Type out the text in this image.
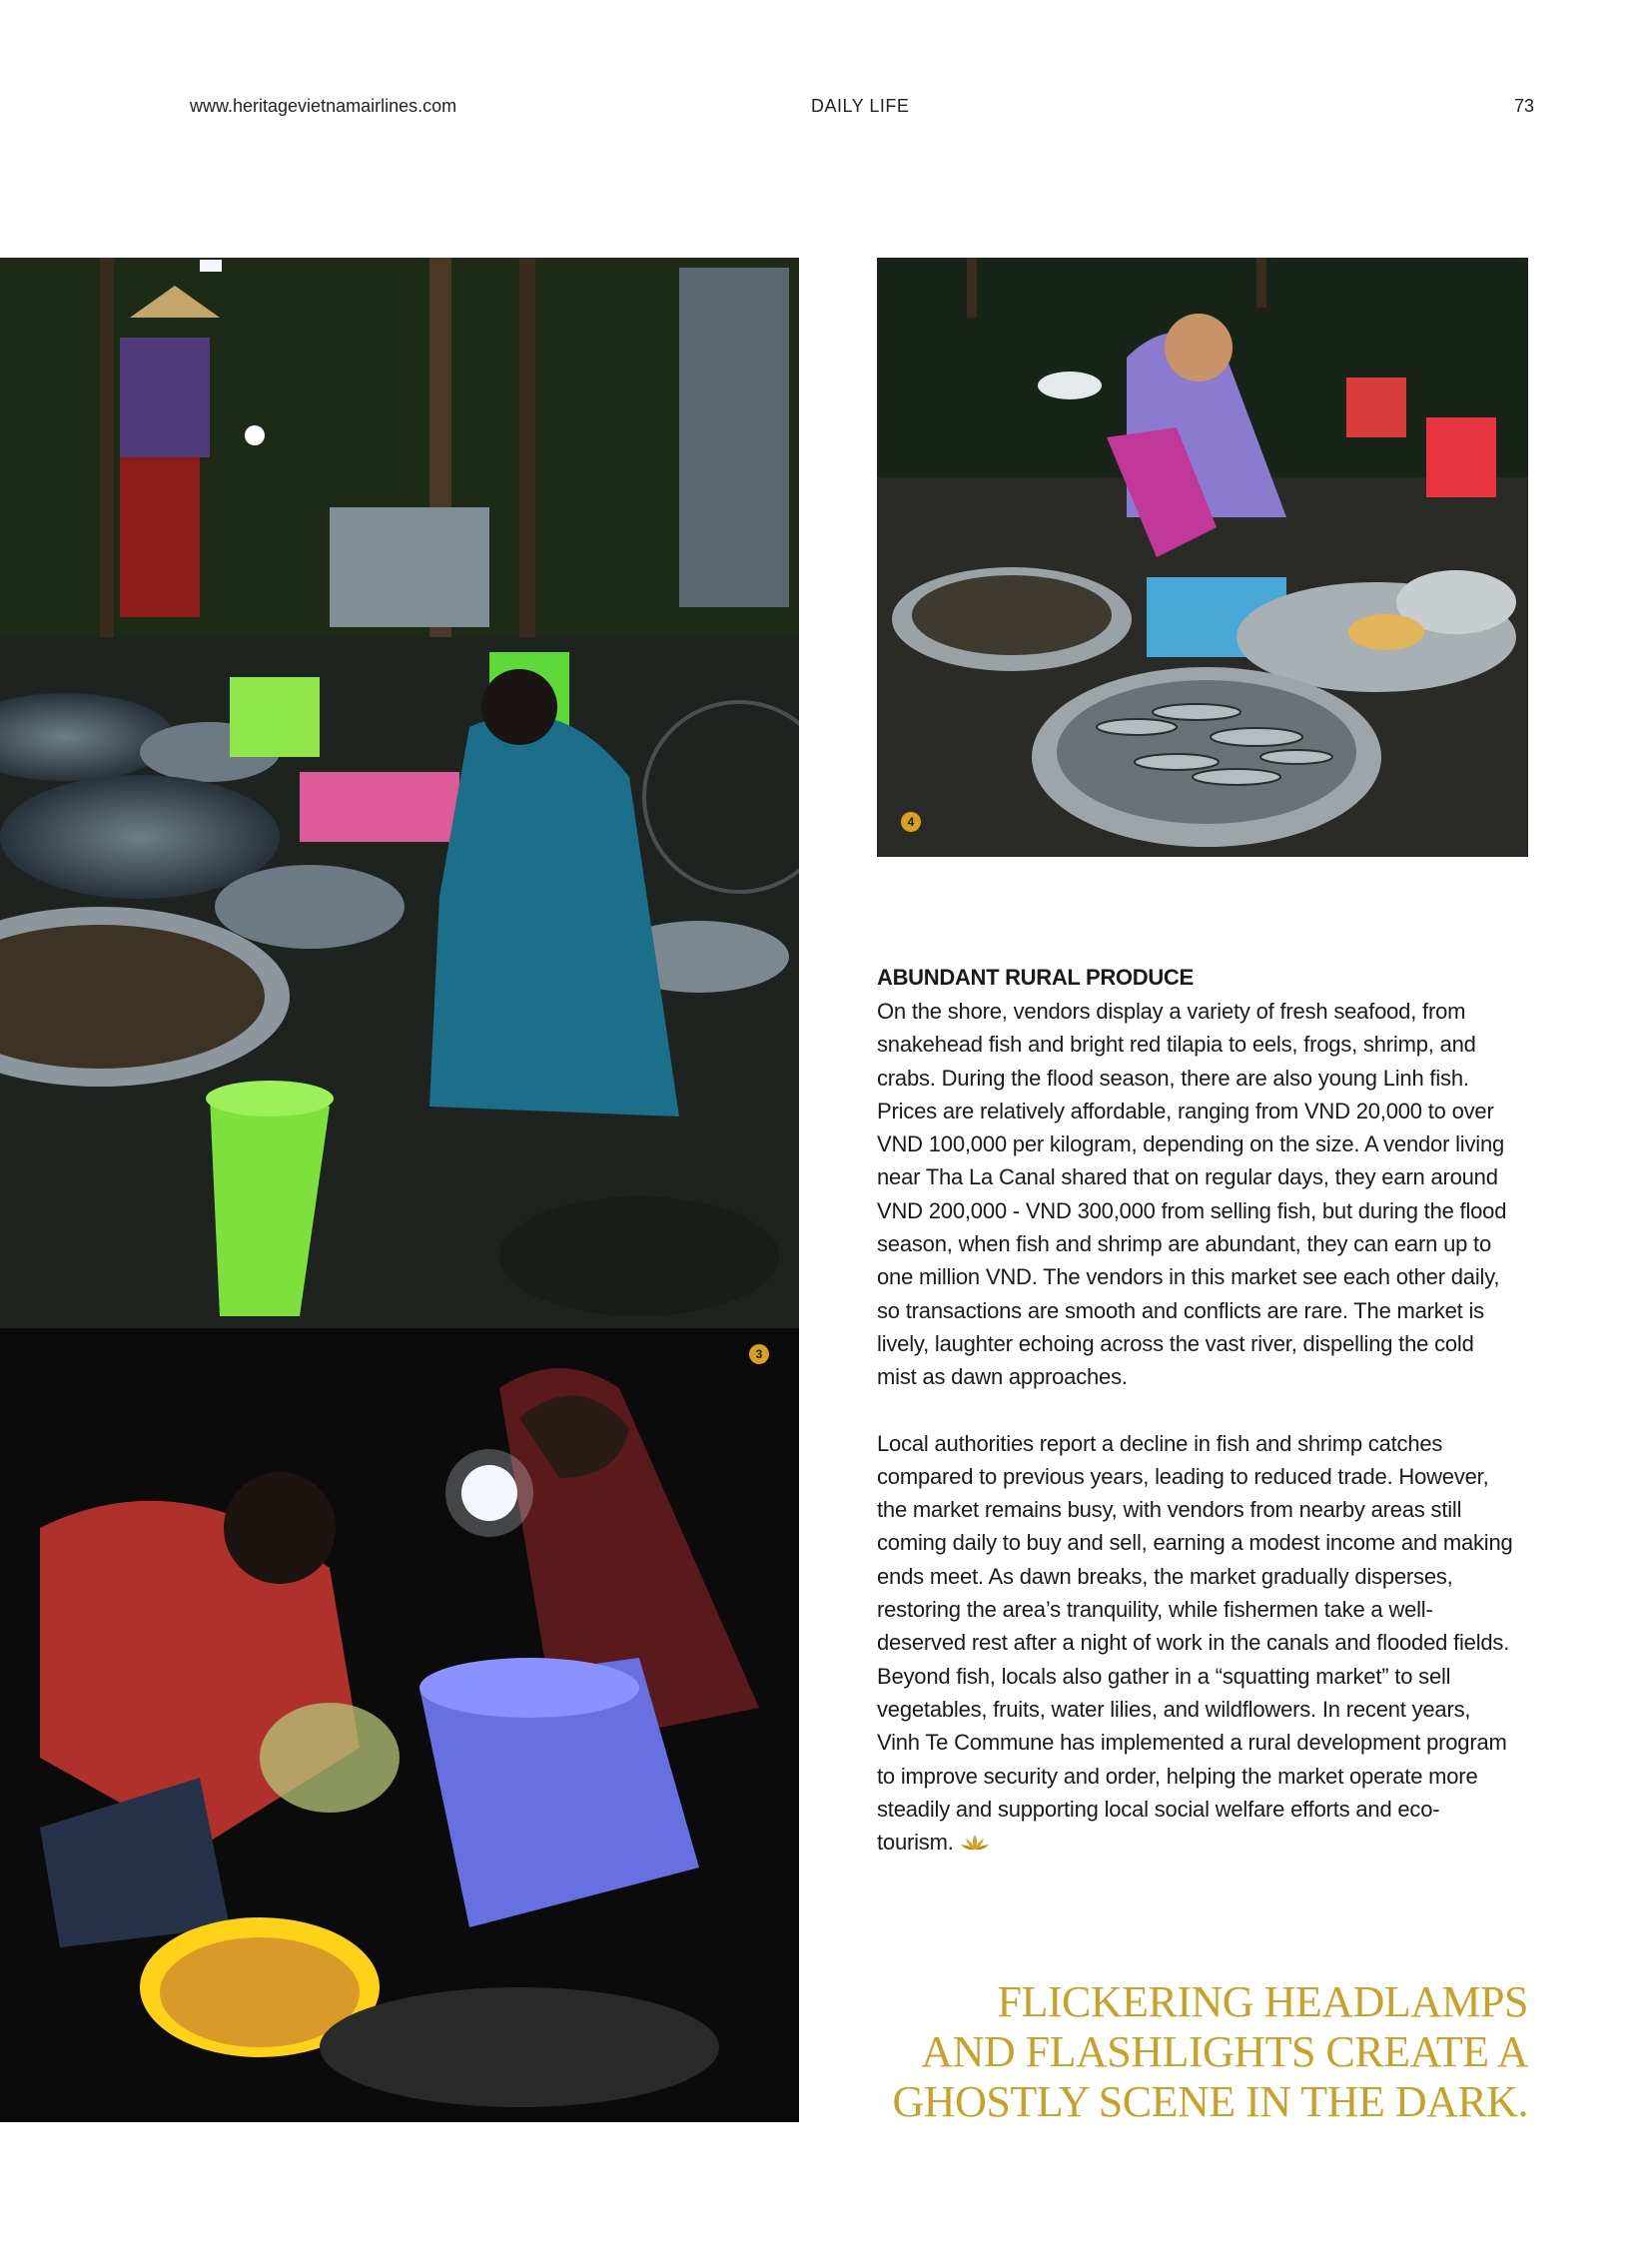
www.heritagevietnamairlines.com	DAILY LIFE	73
4
3
ABUNDANT RURAL PRODUCE

On the shore, vendors display a variety of fresh seafood, from snakehead fish and bright red tilapia to eels, frogs, shrimp, and crabs. During the flood season, there are also young Linh fish. Prices are relatively affordable, ranging from VND 20,000 to over VND 100,000 per kilogram, depending on the size. A vendor living near Tha La Canal shared that on regular days, they earn around VND 200,000 - VND 300,000 from selling fish, but during the flood season, when fish and shrimp are abundant, they can earn up to one million VND. The vendors in this market see each other daily, so transactions are smooth and conflicts are rare. The market is lively, laughter echoing across the vast river, dispelling the cold mist as dawn approaches.

Local authorities report a decline in fish and shrimp catches compared to previous years, leading to reduced trade. However, the market remains busy, with vendors from nearby areas still coming daily to buy and sell, earning a modest income and making ends meet. As dawn breaks, the market gradually disperses, restoring the area’s tranquility, while fishermen take a well-deserved rest after a night of work in the canals and flooded fields. Beyond fish, locals also gather in a “squatting market” to sell vegetables, fruits, water lilies, and wildflowers. In recent years, Vinh Te Commune has implemented a rural development program to improve security and order, helping the market operate more steadily and supporting local social welfare efforts and eco-tourism.

FLICKERING HEADLAMPS
AND FLASHLIGHTS CREATE A
GHOSTLY SCENE IN THE DARK.
